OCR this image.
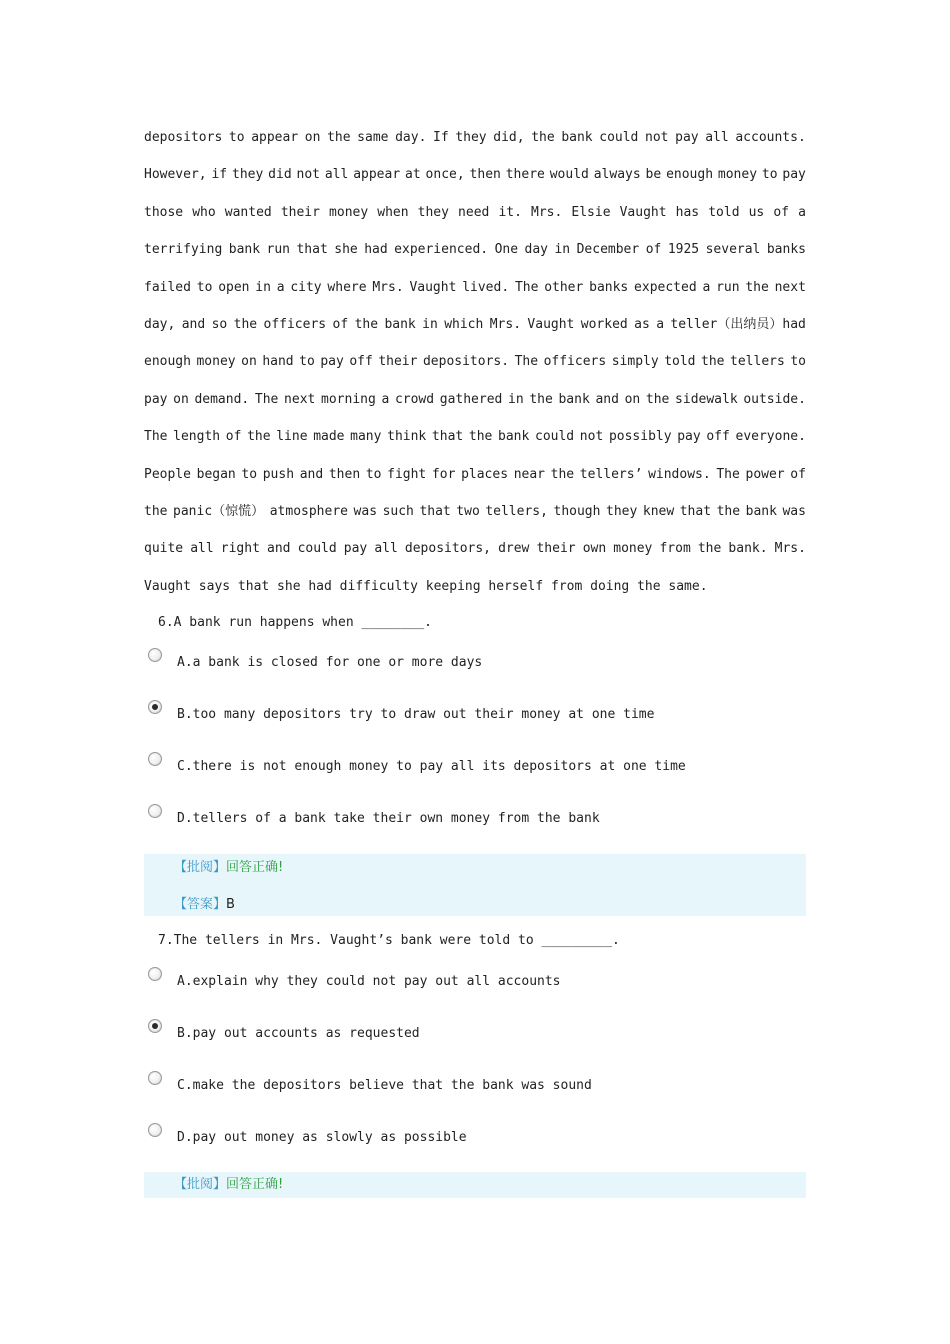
depositors to appear on the same day. If they did, the bank could not pay all accounts.
However, if they did not all appear at once, then there would always be enough money to pay
those who wanted their money when they need it. Mrs. Elsie Vaught has told us of a
terrifying bank run that she had experienced. One day in December of 1925 several banks
failed to open in a city where Mrs. Vaught lived. The other banks expected a run the next
day, and so the officers of the bank in which Mrs. Vaught worked as a teller（出纳员）had
enough money on hand to pay off their depositors. The officers simply told the tellers to
pay on demand. The next morning a crowd gathered in the bank and on the sidewalk outside.
The length of the line made many think that the bank could not possibly pay off everyone.
People began to push and then to fight for places near the tellers’ windows. The power of
the panic（惊慌） atmosphere was such that two tellers, though they knew that the bank was
quite all right and could pay all depositors, drew their own money from the bank. Mrs.
Vaught says that she had difficulty keeping herself from doing the same.
6.A bank run happens when ________.
A.a bank is closed for one or more days
B.too many depositors try to draw out their money at one time
C.there is not enough money to pay all its depositors at one time
D.tellers of a bank take their own money from the bank
【批阅】回答正确!
【答案】B
7.The tellers in Mrs. Vaught’s bank were told to _________.
A.explain why they could not pay out all accounts
B.pay out accounts as requested
C.make the depositors believe that the bank was sound
D.pay out money as slowly as possible
【批阅】回答正确!
